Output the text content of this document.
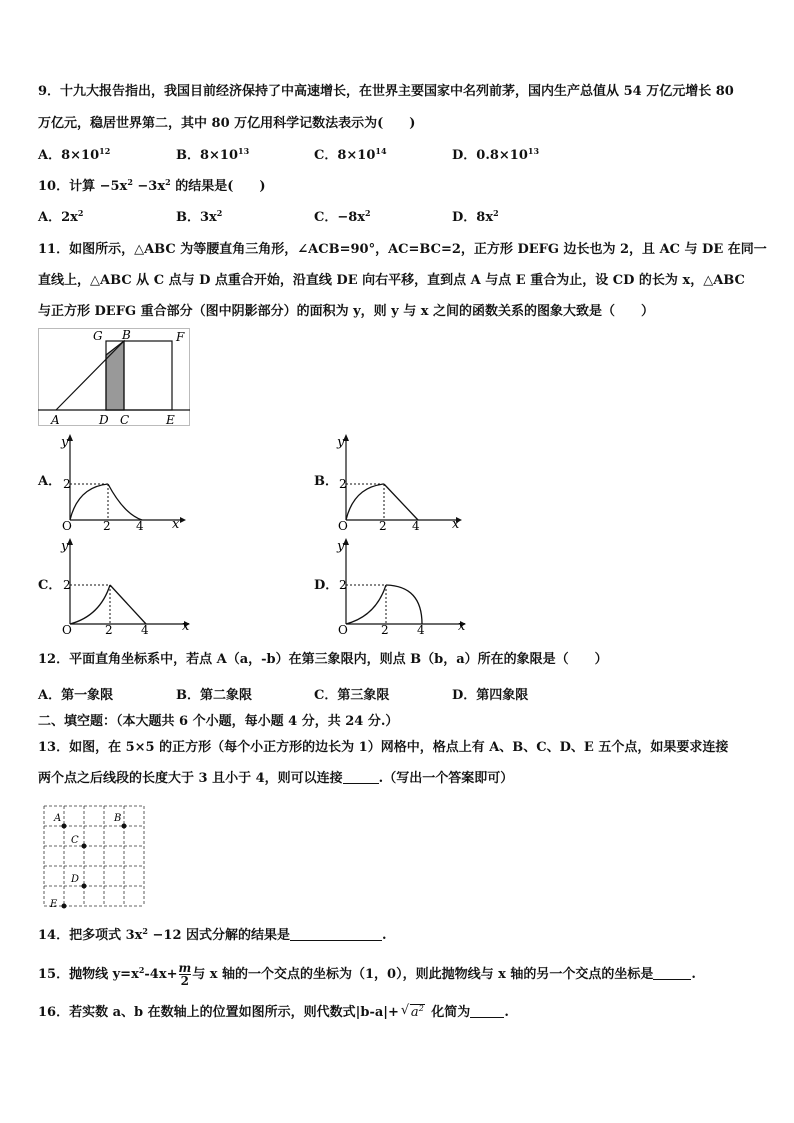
9．十九大报告指出，我国目前经济保持了中高速增长，在世界主要国家中名列前茅，国内生产总值从 54 万亿元增长 80
万亿元，稳居世界第二，其中 80 万亿用科学记数法表示为(　　)
A．$8\times 10^{12}$	B．$8\times 10^{13}$	C．$8\times 10^{14}$	D．$0.8\times 10^{13}$
10．计算 $-5x^2 -3x^2$ 的结果是(　　)
A．$2x^2$	B．$3x^2$	C．$-8x^2$	D．$8x^2$
11．如图所示，△ABC 为等腰直角三角形，∠ACB=90°，AC=BC=2，正方形 DEFG 边长也为 2，且 AC 与 DE 在同一
直线上，△ABC 从 C 点与 D 点重合开始，沿直线 DE 向右平移，直到点 A 与点 E 重合为止，设 CD 的长为 x，△ABC
与正方形 DEFG 重合部分（图中阴影部分）的面积为 y，则 y 与 x 之间的函数关系的图象大致是（　　）
G B	F
A	D C	E
A．	B．
C．	D．
y
x
O
2
2 4
y
x
O
2
2 4
y
x
O
2
2 4
y
x
O
2
2 4
12．平面直角坐标系中，若点 A（a，-b）在第三象限内，则点 B（b，a）所在的象限是（　　）
A．第一象限	B．第二象限	C．第三象限	D．第四象限
二、填空题：（本大题共 6 个小题，每小题 4 分，共 24 分.）
13．如图，在 5×5 的正方形（每个小正方形的边长为 1）网格中，格点上有 A、B、C、D、E 五个点，如果要求连接
两个点之后线段的长度大于 3 且小于 4，则可以连接	.（写出一个答案即可）
A	B
C
D
E
14．把多项式 $3x^2 -12$ 因式分解的结果是	.
15．抛物线 $y=x^2-4x+ \frac{m}{2}$ 与 x 轴的一个交点的坐标为（1，0），则此抛物线与 x 轴的另一个交点的坐标是	.
16．若实数 a、b 在数轴上的位置如图所示，则代数式|b-a|+ √ $a^2$ 化简为	.
